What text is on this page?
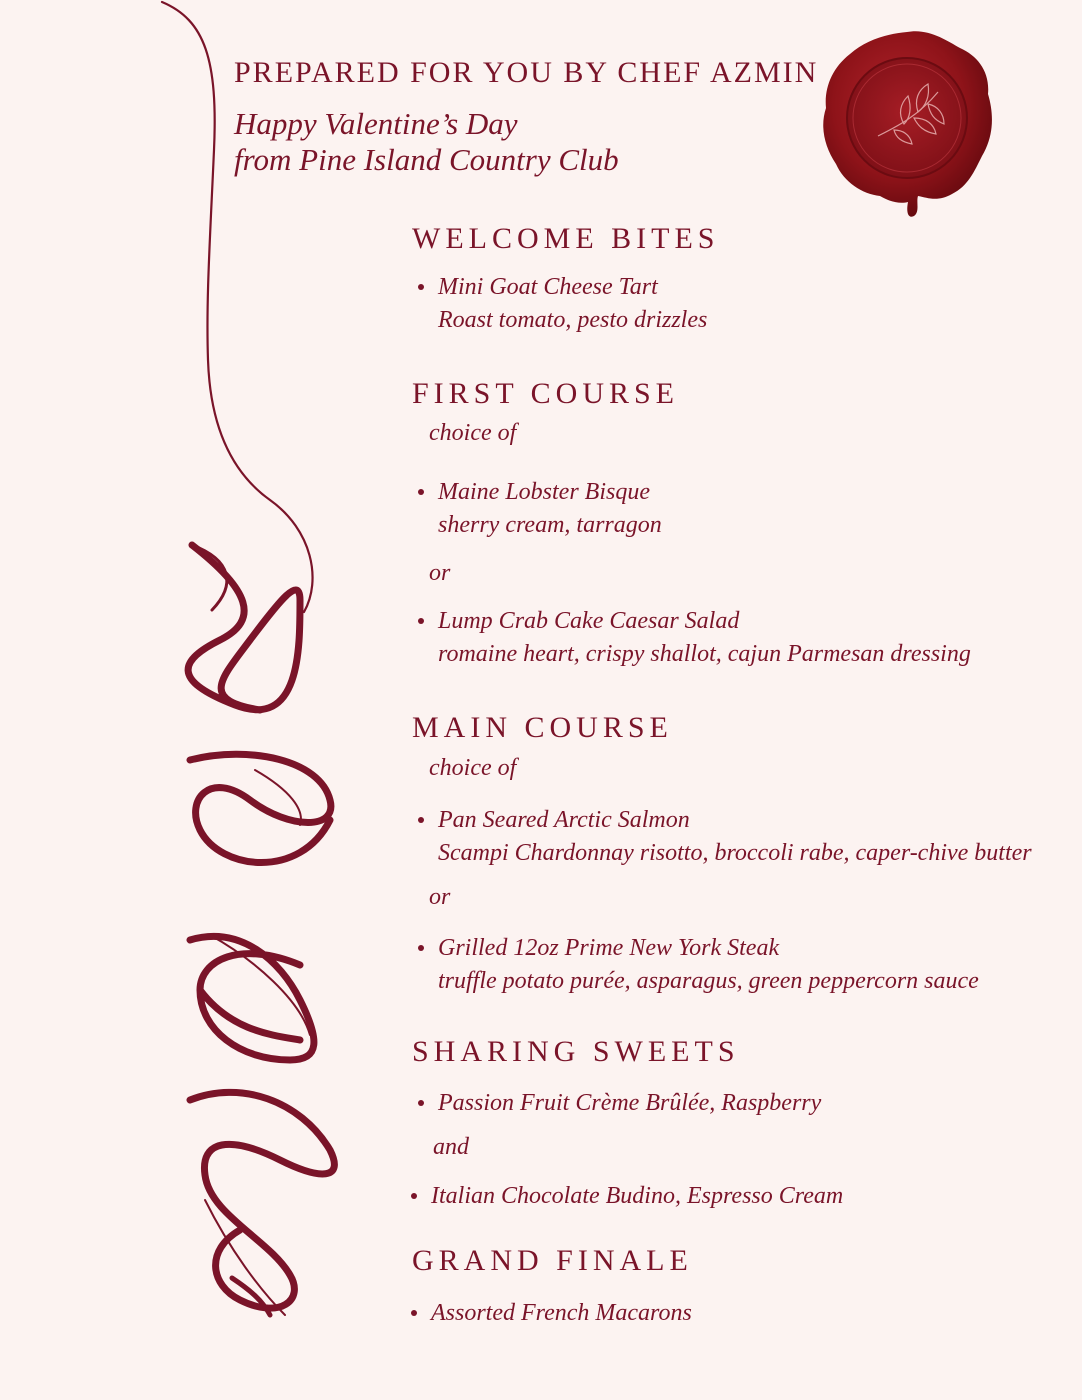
PREPARED FOR YOU BY CHEF AZMIN
Happy Valentine’s Day
from Pine Island Country Club
WELCOME BITES
Mini Goat Cheese Tart
Roast tomato, pesto drizzles
FIRST COURSE
choice of
Maine Lobster Bisque
sherry cream, tarragon
or
Lump Crab Cake Caesar Salad
romaine heart, crispy shallot, cajun Parmesan dressing
MAIN COURSE
choice of
Pan Seared Arctic Salmon
Scampi Chardonnay risotto, broccoli rabe, caper-chive butter
or
Grilled 12oz Prime New York Steak
truffle potato purée, asparagus, green peppercorn sauce
SHARING SWEETS
Passion Fruit Crème Brûlée, Raspberry
and
Italian Chocolate Budino, Espresso Cream
GRAND FINALE
Assorted French Macarons
